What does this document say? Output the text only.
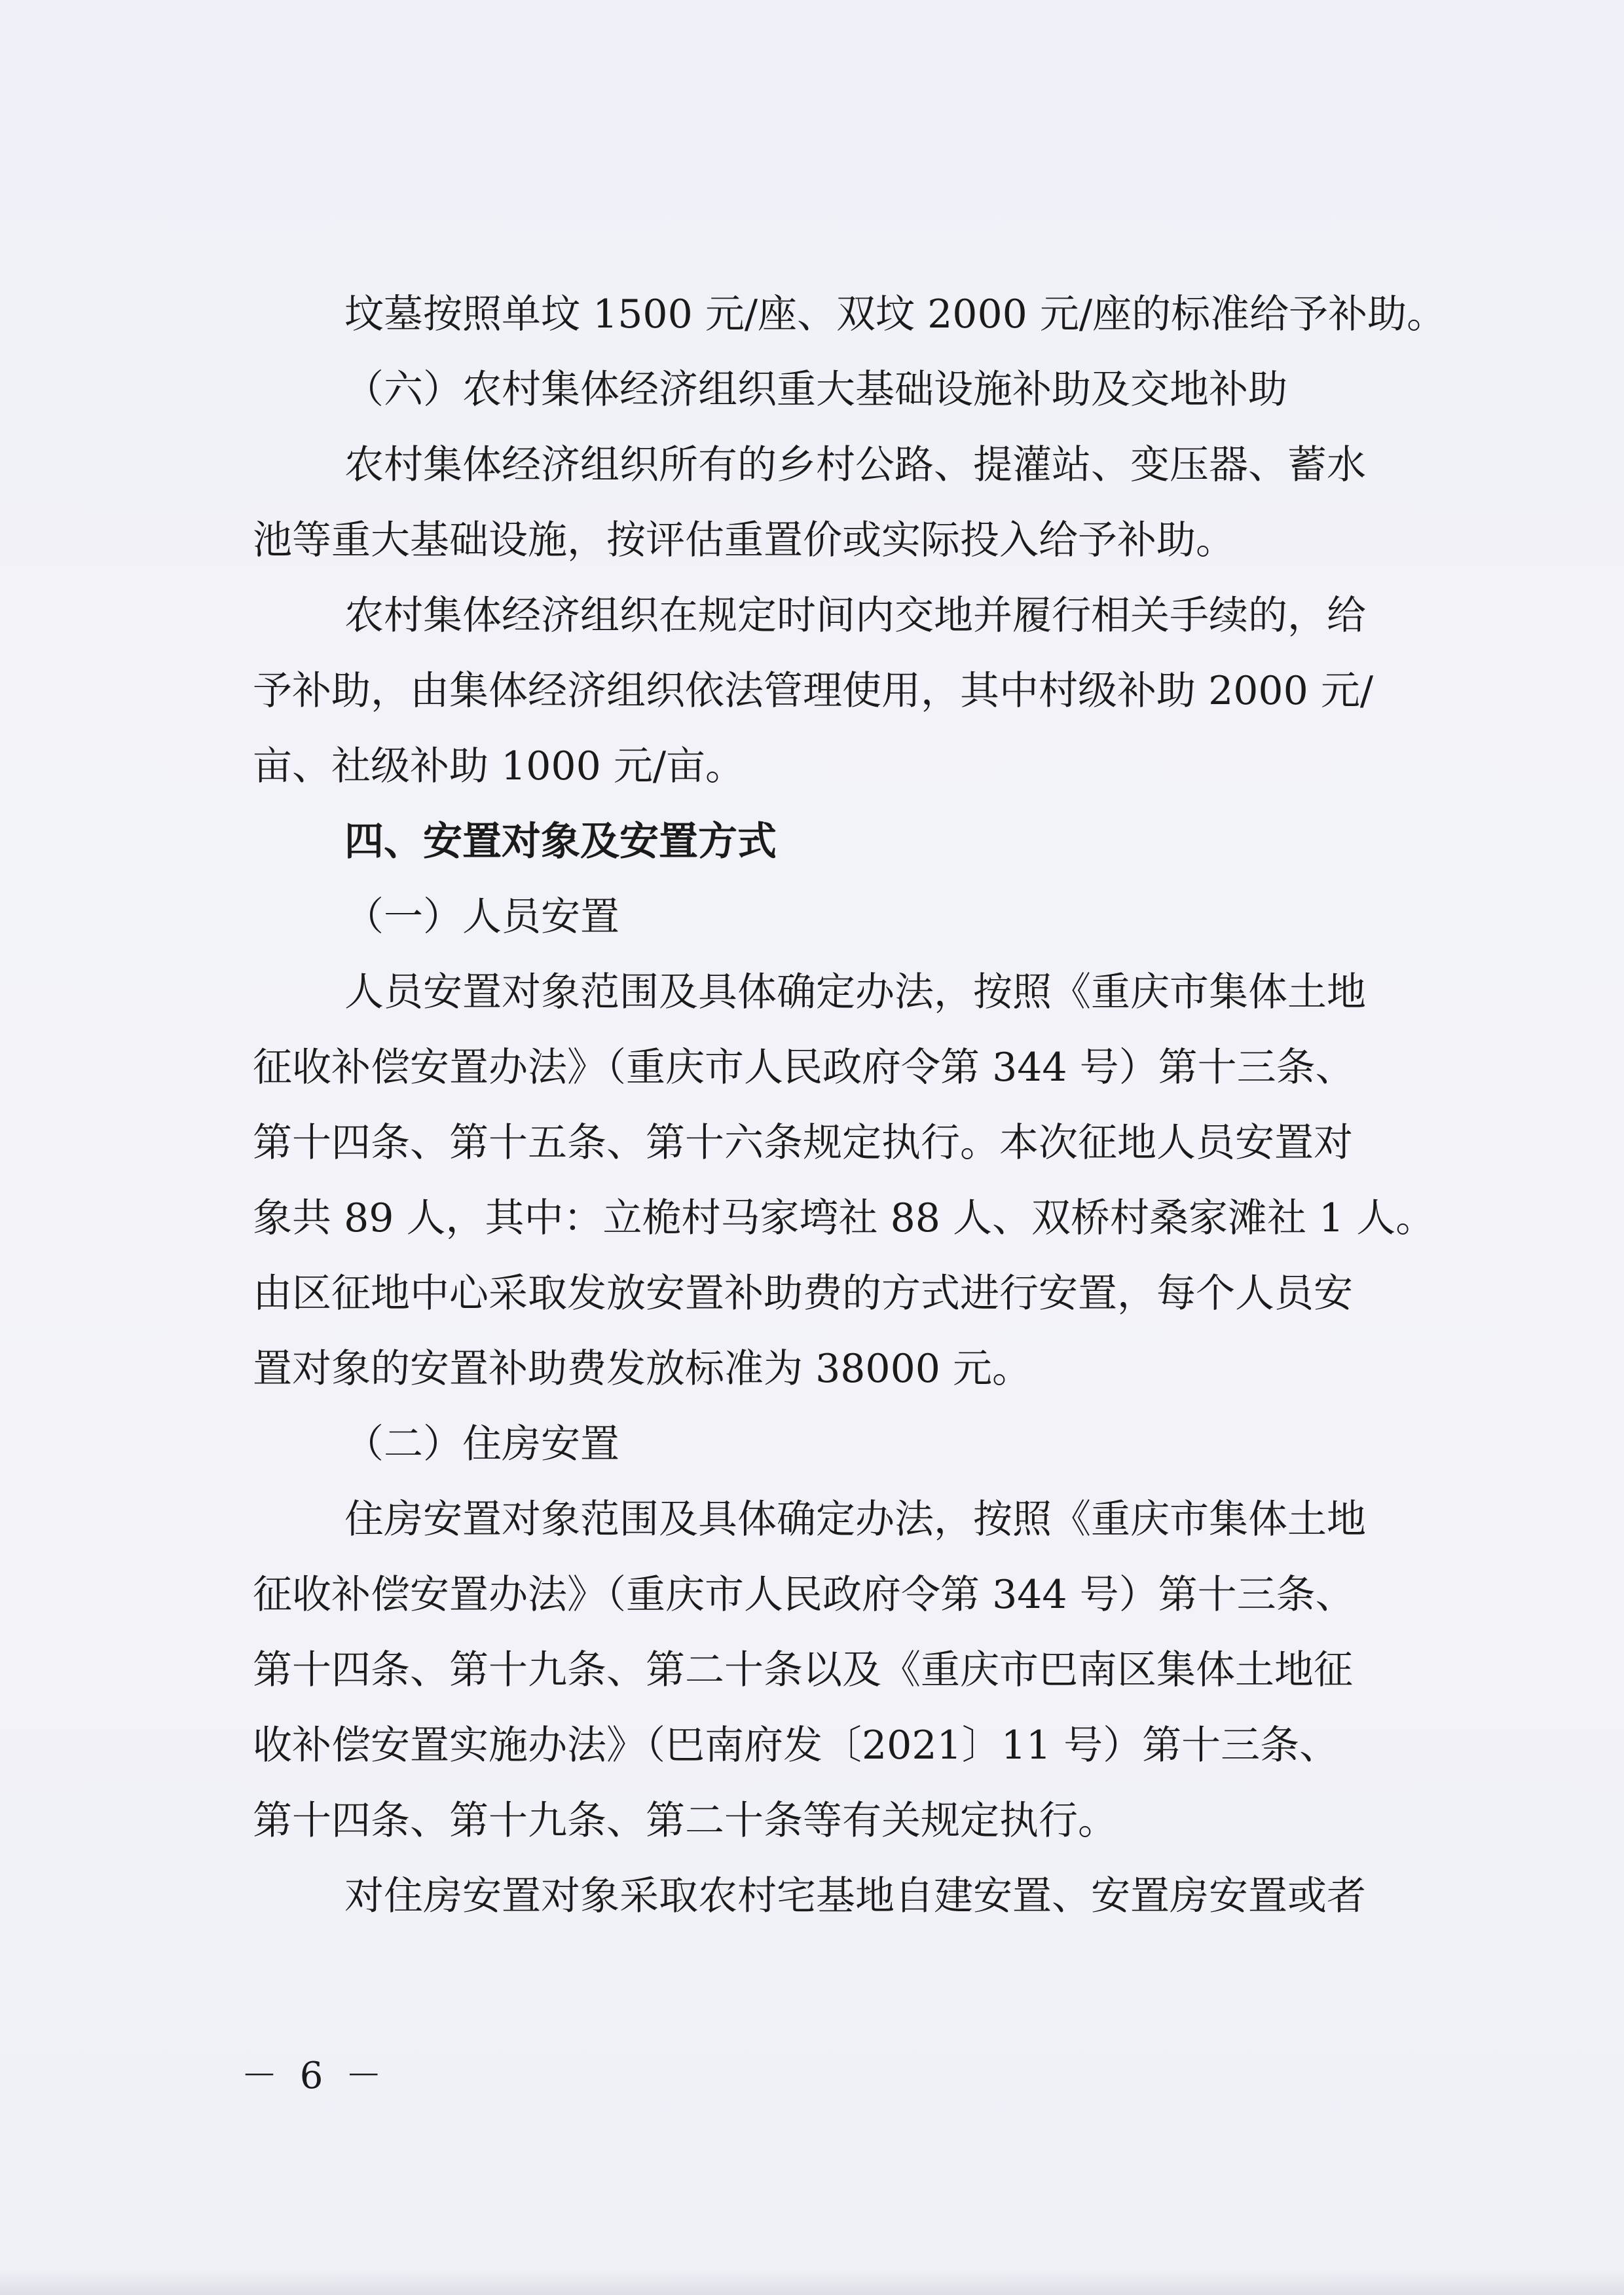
坟墓按照单坟 1500 元/座、双坟 2000 元/座的标准给予补助。
（六）农村集体经济组织重大基础设施补助及交地补助
农村集体经济组织所有的乡村公路、提灌站、变压器、蓄水
池等重大基础设施，按评估重置价或实际投入给予补助。
农村集体经济组织在规定时间内交地并履行相关手续的，给
予补助，由集体经济组织依法管理使用，其中村级补助 2000 元/
亩、社级补助 1000 元/亩。
四、安置对象及安置方式
（一）人员安置
人员安置对象范围及具体确定办法，按照《重庆市集体土地
征收补偿安置办法》（重庆市人民政府令第 344 号）第十三条、
第十四条、第十五条、第十六条规定执行。本次征地人员安置对
象共 89 人，其中：立桅村马家塆社 88 人、双桥村桑家滩社 1 人。
由区征地中心采取发放安置补助费的方式进行安置，每个人员安
置对象的安置补助费发放标准为 38000 元。
（二）住房安置
住房安置对象范围及具体确定办法，按照《重庆市集体土地
征收补偿安置办法》（重庆市人民政府令第 344 号）第十三条、
第十四条、第十九条、第二十条以及《重庆市巴南区集体土地征
收补偿安置实施办法》（巴南府发〔2021〕11 号）第十三条、
第十四条、第十九条、第二十条等有关规定执行。
对住房安置对象采取农村宅基地自建安置、安置房安置或者
－ 6 －
